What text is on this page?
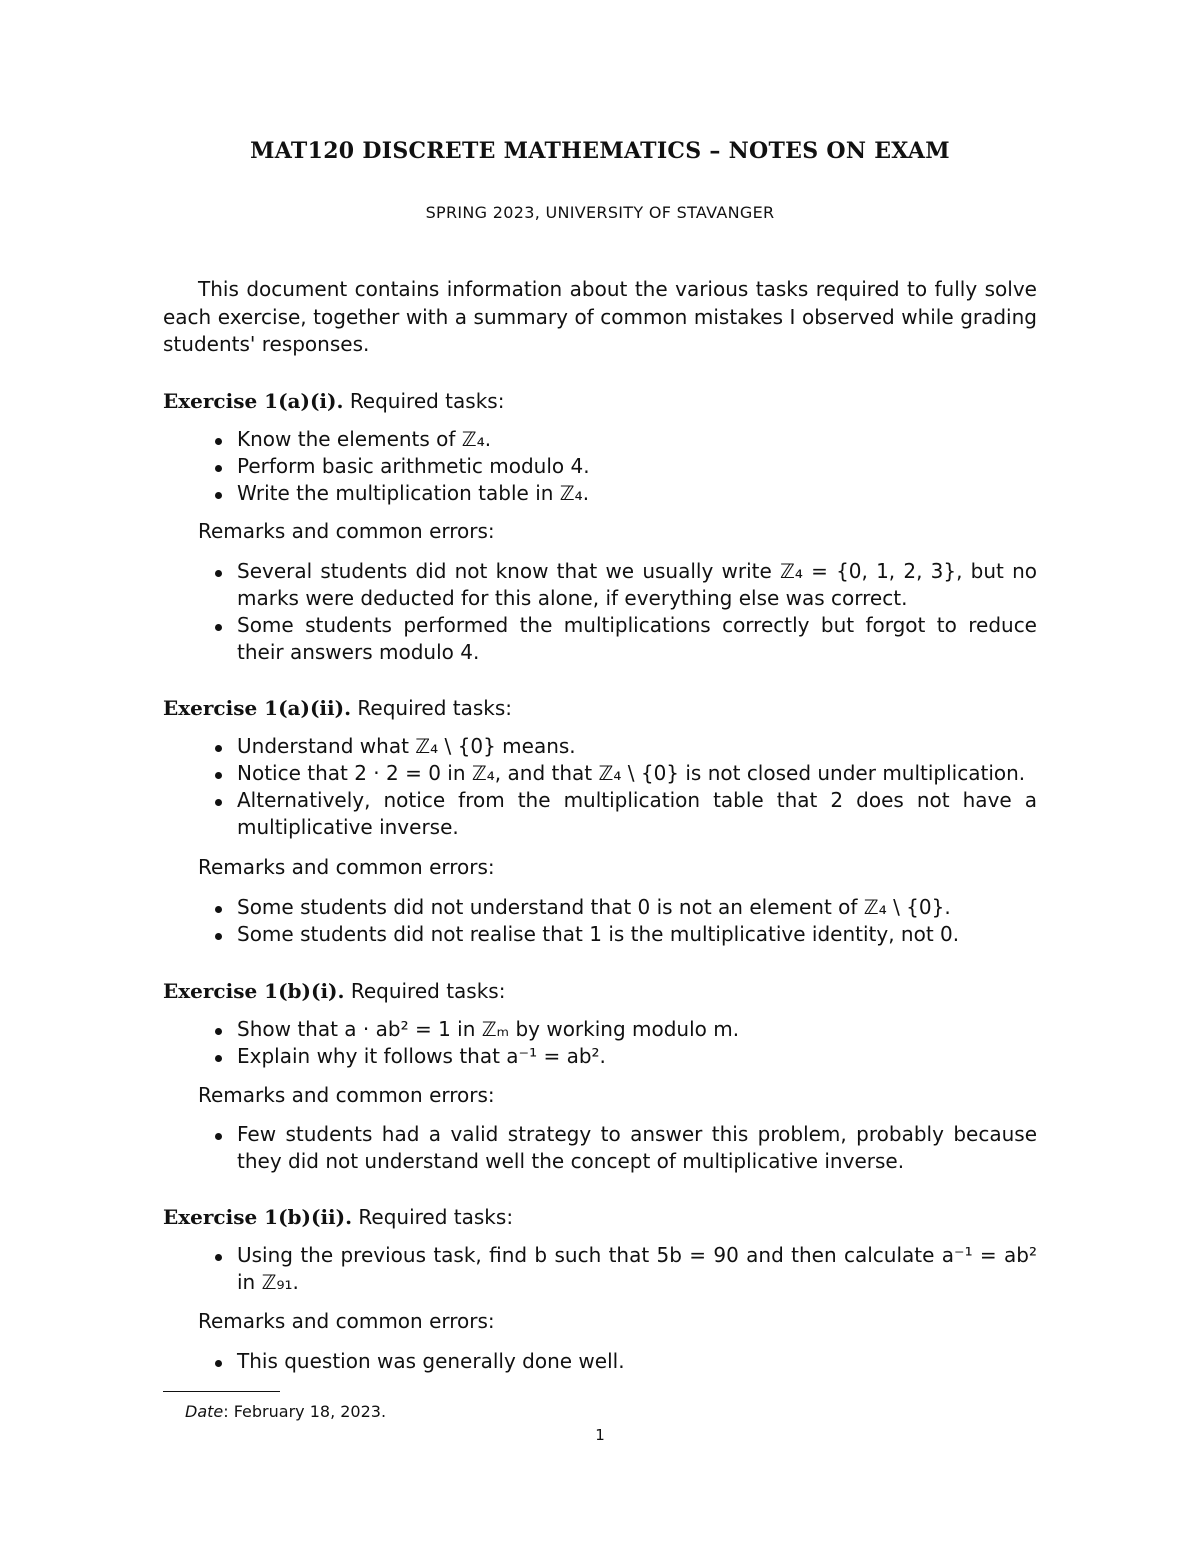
MAT120 DISCRETE MATHEMATICS – NOTES ON EXAM
SPRING 2023, UNIVERSITY OF STAVANGER

This document contains information about the various tasks required to fully solve each exercise, together with a summary of common mistakes I observed while grading students' responses.

Exercise 1(a)(i). Required tasks:
Know the elements of ℤ₄.
Perform basic arithmetic modulo 4.
Write the multiplication table in ℤ₄.
Remarks and common errors:
Several students did not know that we usually write ℤ₄ = {0, 1, 2, 3}, but no marks were deducted for this alone, if everything else was correct.
Some students performed the multiplications correctly but forgot to reduce their answers modulo 4.
Exercise 1(a)(ii). Required tasks:
Understand what ℤ₄ \ {0} means.
Notice that 2 · 2 = 0 in ℤ₄, and that ℤ₄ \ {0} is not closed under multiplication.
Alternatively, notice from the multiplication table that 2 does not have a multiplicative inverse.
Remarks and common errors:
Some students did not understand that 0 is not an element of ℤ₄ \ {0}.
Some students did not realise that 1 is the multiplicative identity, not 0.
Exercise 1(b)(i). Required tasks:
Show that a · ab² = 1 in ℤₘ by working modulo m.
Explain why it follows that a⁻¹ = ab².
Remarks and common errors:
Few students had a valid strategy to answer this problem, probably because they did not understand well the concept of multiplicative inverse.
Exercise 1(b)(ii). Required tasks:
Using the previous task, find b such that 5b = 90 and then calculate a⁻¹ = ab² in ℤ₉₁.
Remarks and common errors:
This question was generally done well.
Date: February 18, 2023.
1
